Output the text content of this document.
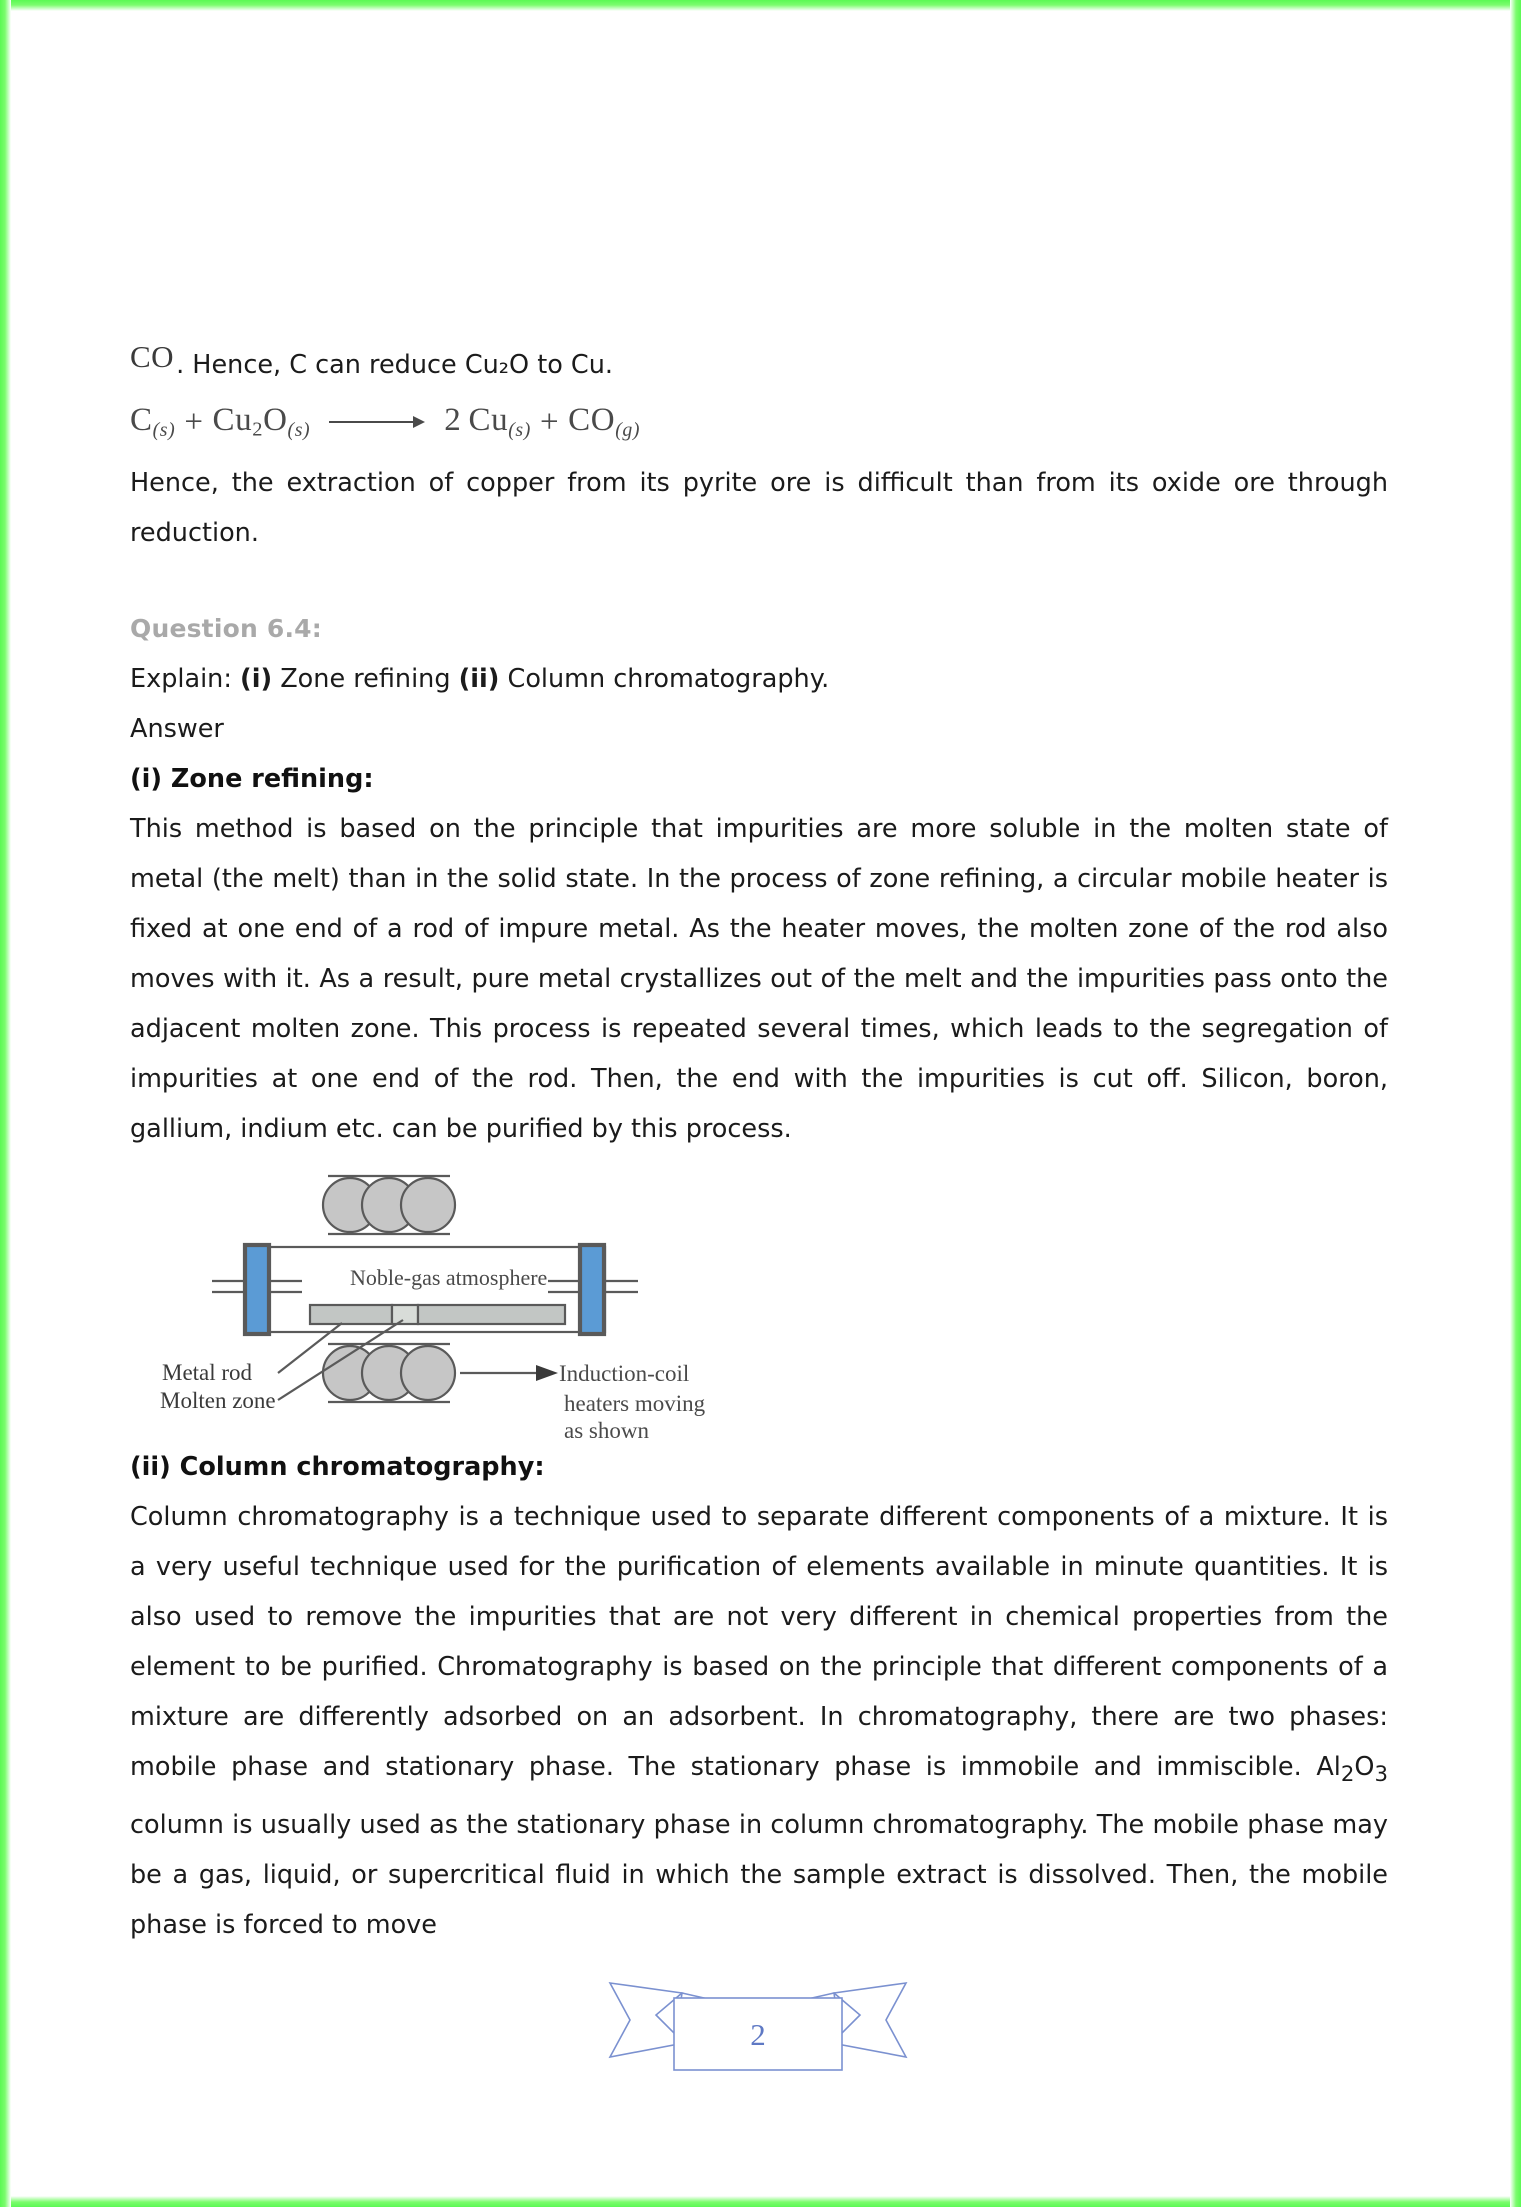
CO . Hence, C can reduce Cu₂O to Cu.
$C(s) + Cu_2O(s)$	2  Cu(s) + CO(g)

Hence, the extraction of copper from its pyrite ore is difficult than from its oxide ore through reduction.

Question 6.4:

Explain: (i) Zone refining (ii) Column chromatography.

Answer

(i) Zone refining:

This method is based on the principle that impurities are more soluble in the molten state of metal (the melt) than in the solid state. In the process of zone refining, a circular mobile heater is fixed at one end of a rod of impure metal. As the heater moves, the molten zone of the rod also moves with it. As a result, pure metal crystallizes out of the melt and the impurities pass onto the adjacent molten zone. This process is repeated several times, which leads to the segregation of impurities at one end of the rod. Then, the end with the impurities is cut off. Silicon, boron, gallium, indium etc. can be purified by this process.

Noble-gas atmosphere
Metal rod
Molten zone
Induction-coil
heaters moving
as shown

(ii) Column chromatography:

Column chromatography is a technique used to separate different components of a mixture. It is a very useful technique used for the purification of elements available in minute quantities. It is also used to remove the impurities that are not very different in chemical properties from the element to be purified. Chromatography is based on the principle that different components of a mixture are differently adsorbed on an adsorbent. In chromatography, there are two phases: mobile phase and stationary phase. The stationary phase is immobile and immiscible. $Al_2O_3$ column is usually used as the stationary phase in column chromatography. The mobile phase may be a gas, liquid, or supercritical fluid in which the sample extract is dissolved. Then, the mobile phase is forced to move

2
